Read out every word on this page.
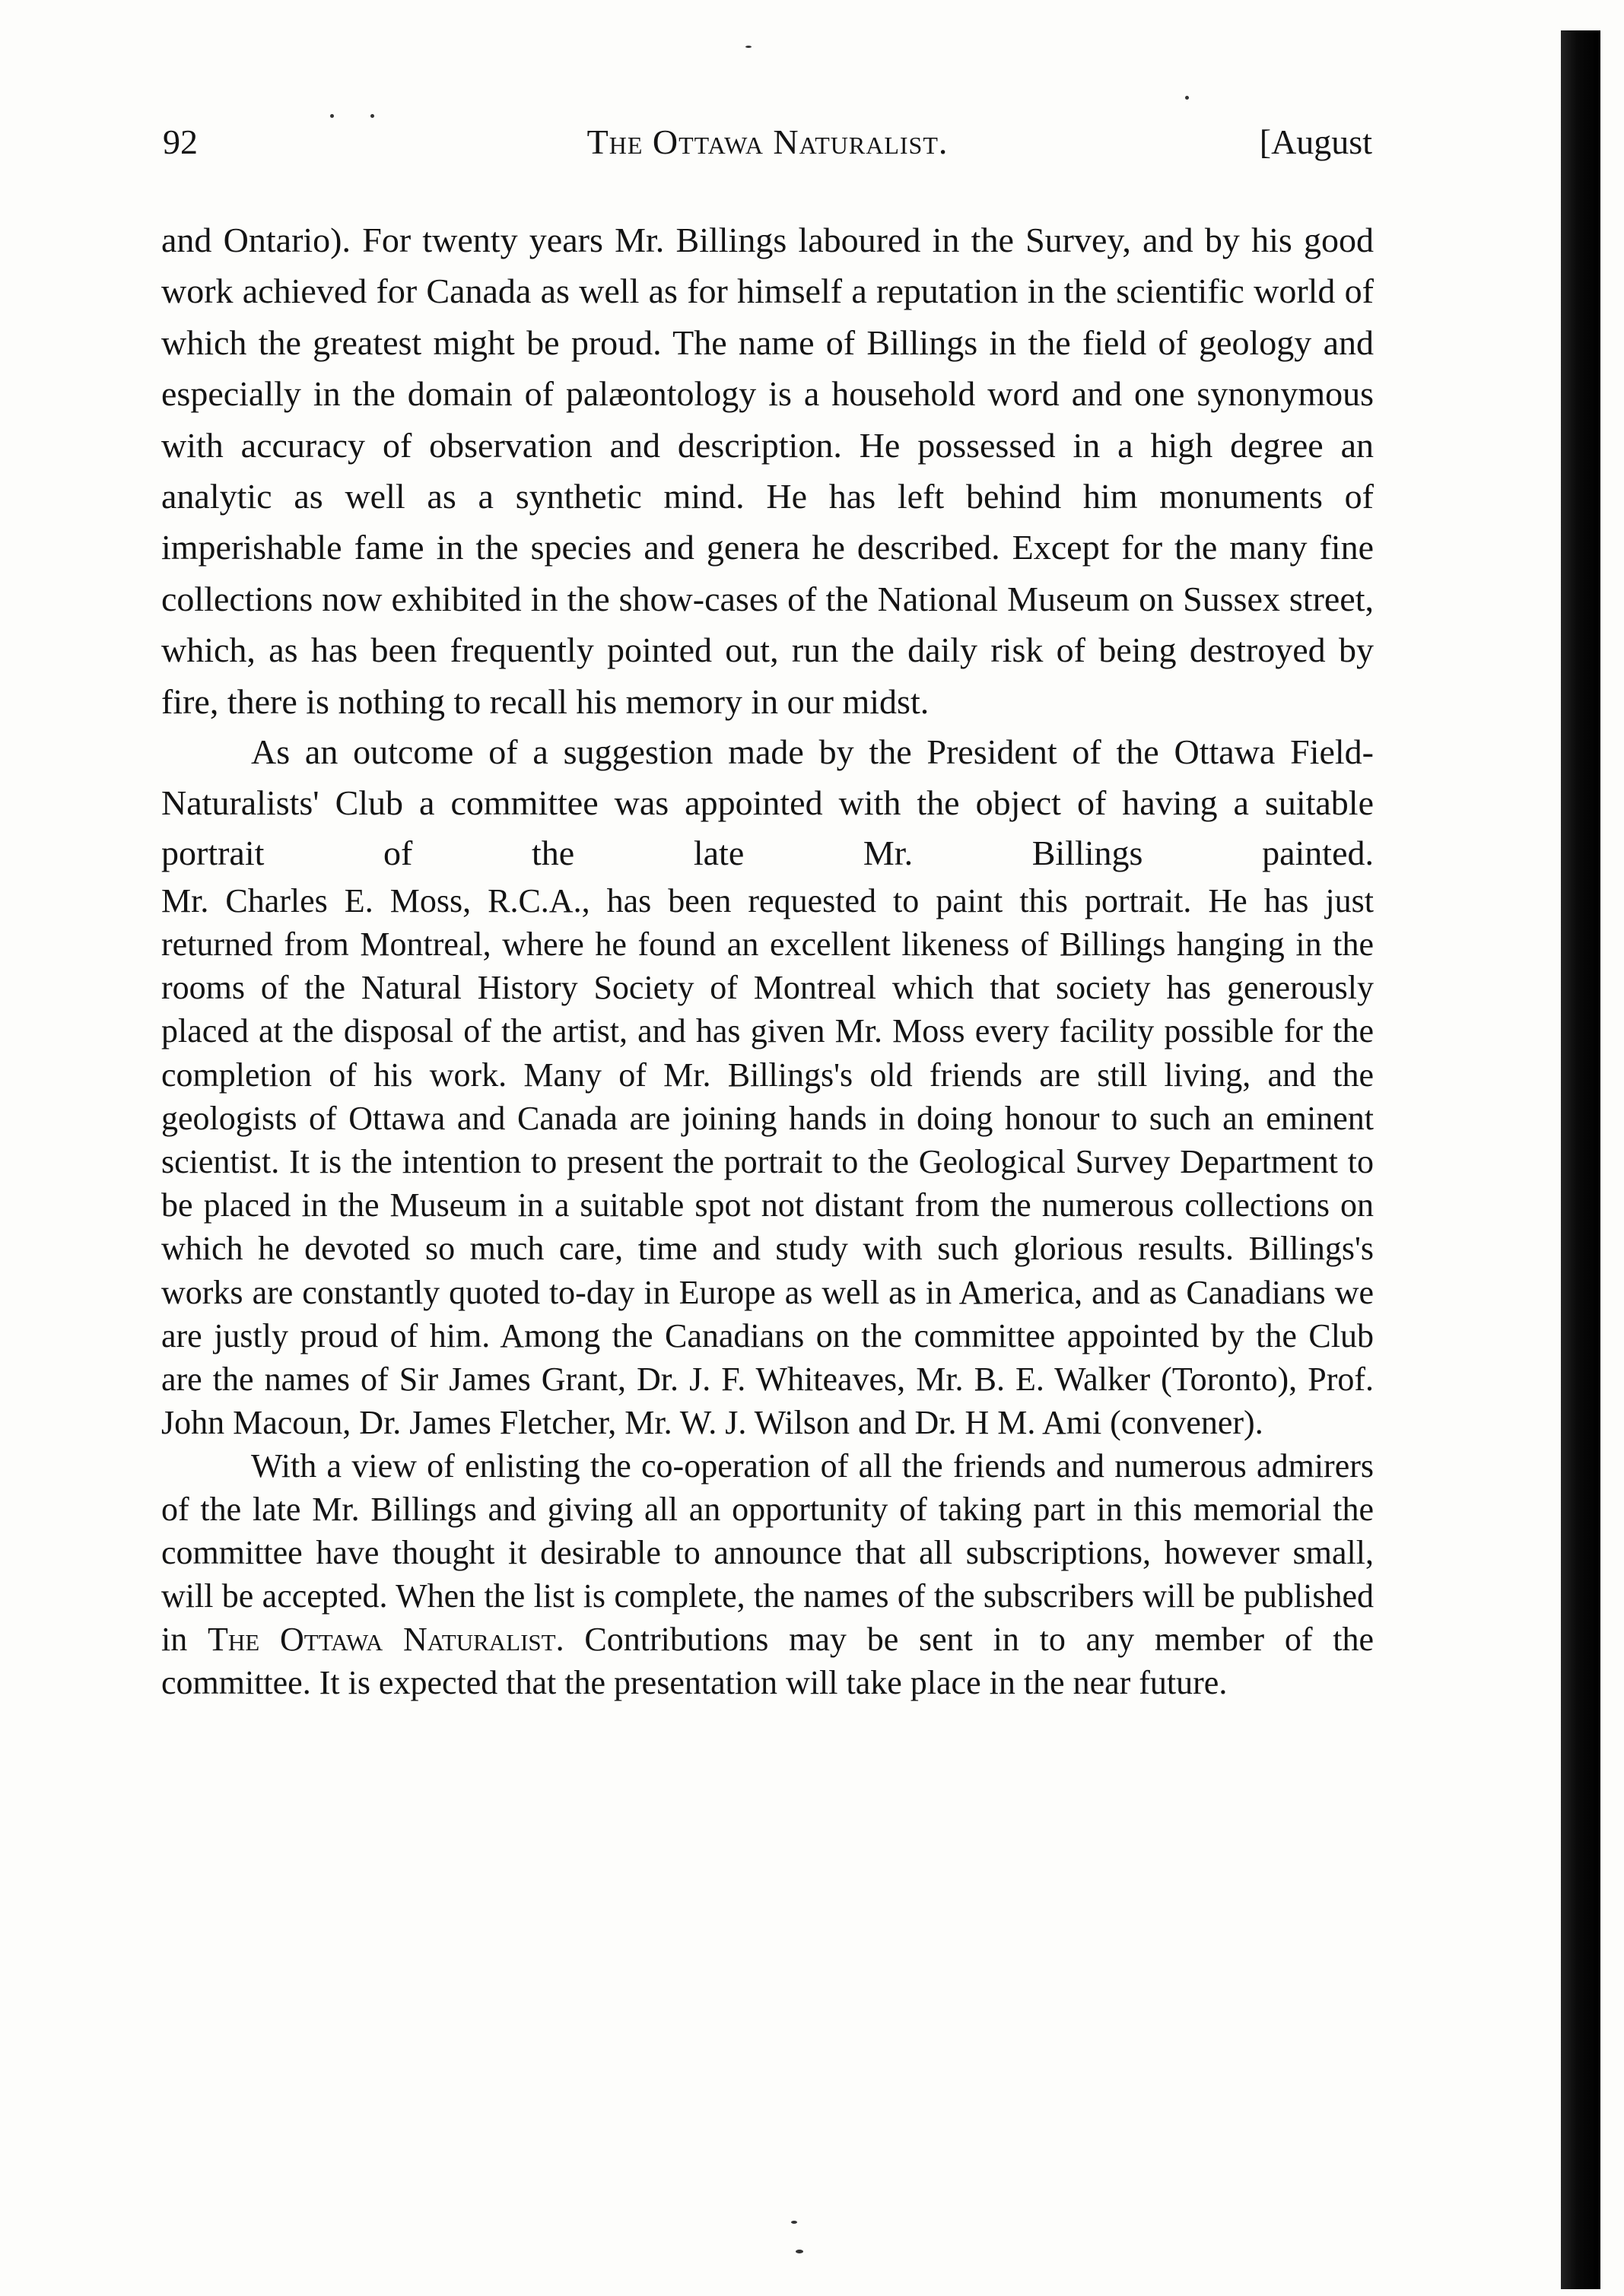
92	The Ottawa Naturalist.	[August

and Ontario). For twenty years Mr. Billings laboured in the Survey, and by his good work achieved for Canada as well as for himself a reputation in the scientific world of which the greatest might be proud. The name of Billings in the field of geology and especially in the domain of palæontology is a household word and one synonymous with accuracy of observation and description. He possessed in a high degree an analytic as well as a synthetic mind. He has left behind him monuments of imperishable fame in the species and genera he described. Except for the many fine collections now exhibited in the show-cases of the National Museum on Sussex street, which, as has been frequently pointed out, run the daily risk of being destroyed by fire, there is nothing to recall his memory in our midst.

As an outcome of a suggestion made by the President of the Ottawa Field-Naturalists' Club a committee was appointed with the object of having a suitable portrait of the late Mr. Billings painted.

Mr. Charles E. Moss, R.C.A., has been requested to paint this portrait. He has just returned from Montreal, where he found an excellent likeness of Billings hanging in the rooms of the Natural History Society of Montreal which that society has generously placed at the disposal of the artist, and has given Mr. Moss every facility possible for the completion of his work. Many of Mr. Billings's old friends are still living, and the geologists of Ottawa and Canada are joining hands in doing honour to such an eminent scientist. It is the intention to present the portrait to the Geological Survey Department to be placed in the Museum in a suitable spot not distant from the numerous collections on which he devoted so much care, time and study with such glorious results. Billings's works are constantly quoted to-day in Europe as well as in America, and as Canadians we are justly proud of him. Among the Canadians on the committee appointed by the Club are the names of Sir James Grant, Dr. J. F. Whiteaves, Mr. B. E. Walker (Toronto), Prof. John Macoun, Dr. James Fletcher, Mr. W. J. Wilson and Dr. H M. Ami (convener).

With a view of enlisting the co-operation of all the friends and numerous admirers of the late Mr. Billings and giving all an opportunity of taking part in this memorial the committee have thought it desirable to announce that all subscriptions, however small, will be accepted. When the list is complete, the names of the subscribers will be published in The Ottawa Naturalist. Contributions may be sent in to any member of the committee. It is expected that the presentation will take place in the near future.
